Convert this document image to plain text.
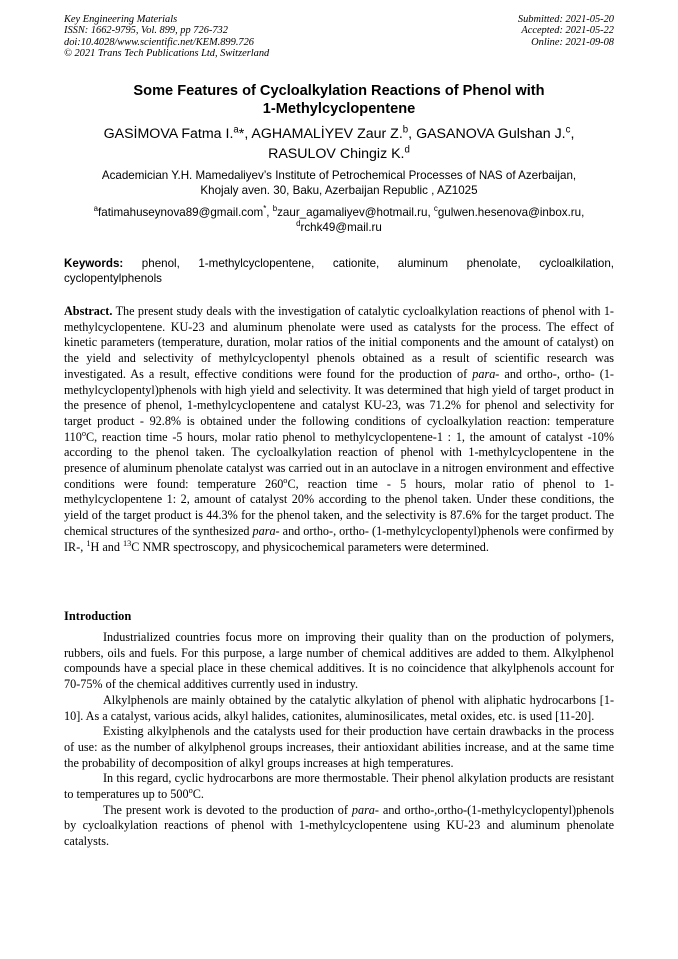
Key Engineering Materials
ISSN: 1662-9795, Vol. 899, pp 726-732
doi:10.4028/www.scientific.net/KEM.899.726
© 2021 Trans Tech Publications Ltd, Switzerland
Submitted: 2021-05-20
Accepted: 2021-05-22
Online: 2021-09-08
Some Features of Cycloalkylation Reactions of Phenol with
1-Methylcyclopentene
GASİMOVA Fatma I.$^a$*, AGHAMALİYEV Zaur Z.$^b$, GASANOVA Gulshan J.$^c$,
RASULOV Chingiz K.$^d$
Academician Y.H. Mamedaliyev’s Institute of Petrochemical Processes of NAS of Azerbaijan,
Khojaly aven. 30, Baku, Azerbaijan Republic , AZ1025
$^a$fatimahuseynova89@gmail.com*, $^b$zaur_agamaliyev@hotmail.ru, $^c$gulwen.hesenova@inbox.ru,
$^d$rchk49@mail.ru
Keywords: phenol, 1-methylcyclopentene, cationite, aluminum phenolate, cycloalkilation, cyclopentylphenols
Abstract. The present study deals with the investigation of catalytic cycloalkylation reactions of phenol with 1-methylcyclopentene. KU-23 and aluminum phenolate were used as catalysts for the process. The effect of kinetic parameters (temperature, duration, molar ratios of the initial components and the amount of catalyst) on the yield and selectivity of methylcyclopentyl phenols obtained as a result of scientific research was investigated. As a result, effective conditions were found for the production of para- and ortho-, ortho- (1-methylcyclopentyl)phenols with high yield and selectivity. It was determined that high yield of target product in the presence of phenol, 1-methylcyclopentene and catalyst KU-23, was 71.2% for phenol and selectivity for target product - 92.8% is obtained under the following conditions of cycloalkylation reaction: temperature 110$^o$C, reaction time -5 hours, molar ratio phenol to methylcyclopentene-1 : 1, the amount of catalyst -10% according to the phenol taken. The cycloalkylation reaction of phenol with 1-methylcyclopentene in the presence of aluminum phenolate catalyst was carried out in an autoclave in a nitrogen environment and effective conditions were found: temperature 260$^o$C, reaction time - 5 hours, molar ratio of phenol to 1-methylcyclopentene 1: 2, amount of catalyst 20% according to the phenol taken. Under these conditions, the yield of the target product is 44.3% for the phenol taken, and the selectivity is 87.6% for the target product. The chemical structures of the synthesized para- and ortho-, ortho- (1-methylcyclopentyl)phenols were confirmed by IR-, $^1$H and $^{13}$C NMR spectroscopy, and physicochemical parameters were determined.
Introduction

Industrialized countries focus more on improving their quality than on the production of polymers, rubbers, oils and fuels. For this purpose, a large number of chemical additives are added to them. Alkylphenol compounds have a special place in these chemical additives. It is no coincidence that alkylphenols account for 70-75% of the chemical additives currently used in industry.

Alkylphenols are mainly obtained by the catalytic alkylation of phenol with aliphatic hydrocarbons [1-10]. As a catalyst, various acids, alkyl halides, cationites, aluminosilicates, metal oxides, etc. is used [11-20].

Existing alkylphenols and the catalysts used for their production have certain drawbacks in the process of use: as the number of alkylphenol groups increases, their antioxidant abilities increase, and at the same time the probability of decomposition of alkyl groups increases at high temperatures.

In this regard, cyclic hydrocarbons are more thermostable. Their phenol alkylation products are resistant to temperatures up to 500$^o$C.

The present work is devoted to the production of para- and ortho-,ortho-(1-methylcyclopentyl)phenols by cycloalkylation reactions of phenol with 1-methylcyclopentene using KU-23 and aluminum phenolate catalysts.
